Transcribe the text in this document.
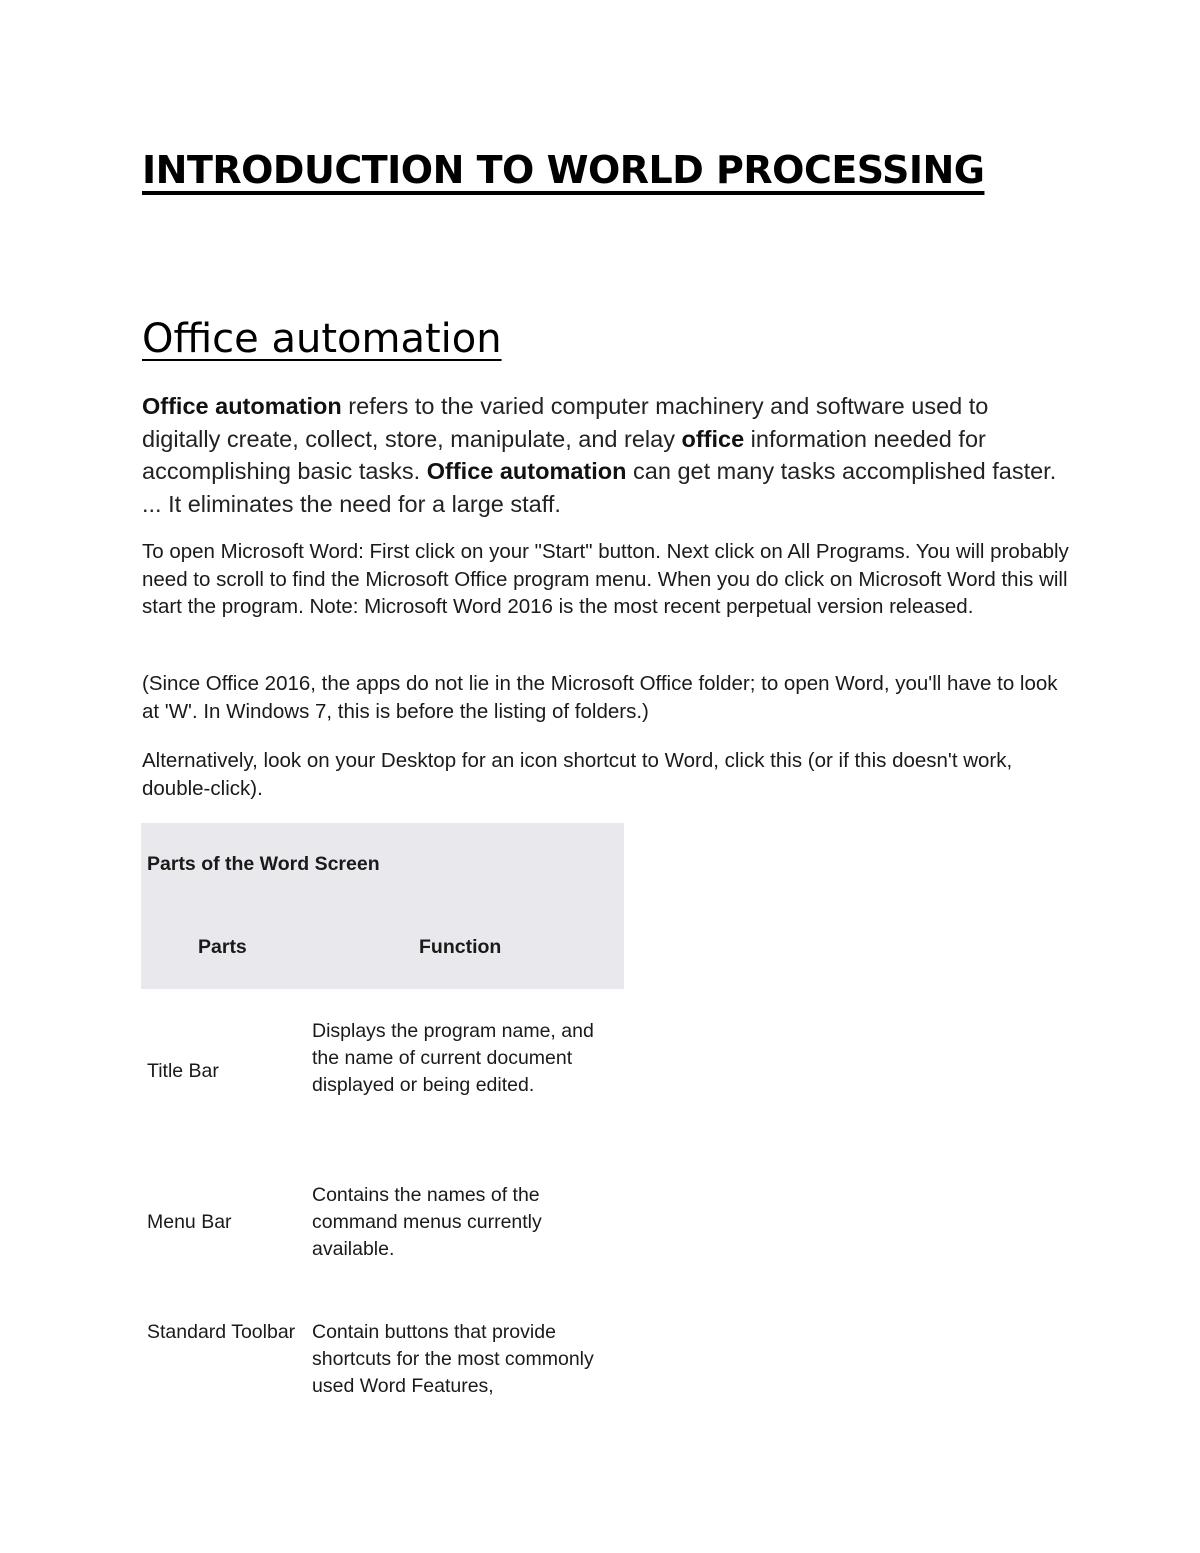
INTRODUCTION TO WORLD PROCESSING
Office automation

Office automation refers to the varied computer machinery and software used to digitally create, collect, store, manipulate, and relay office information needed for accomplishing basic tasks. Office automation can get many tasks accomplished faster. ... It eliminates the need for a large staff.

To open Microsoft Word: First click on your "Start" button. Next click on All Programs. You will probably need to scroll to find the Microsoft Office program menu. When you do click on Microsoft Word this will start the program. Note: Microsoft Word 2016 is the most recent perpetual version released.

(Since Office 2016, the apps do not lie in the Microsoft Office folder; to open Word, you'll have to look at 'W'. In Windows 7, this is before the listing of folders.)

Alternatively, look on your Desktop for an icon shortcut to Word, click this (or if this doesn't work, double-click).

Parts of the Word Screen
Parts	Function
Title Bar
Displays the program name, and the name of current document displayed or being edited.
Menu Bar
Contains the names of the command menus currently available.
Standard Toolbar Contain buttons that provide shortcuts for the most commonly used Word Features,
